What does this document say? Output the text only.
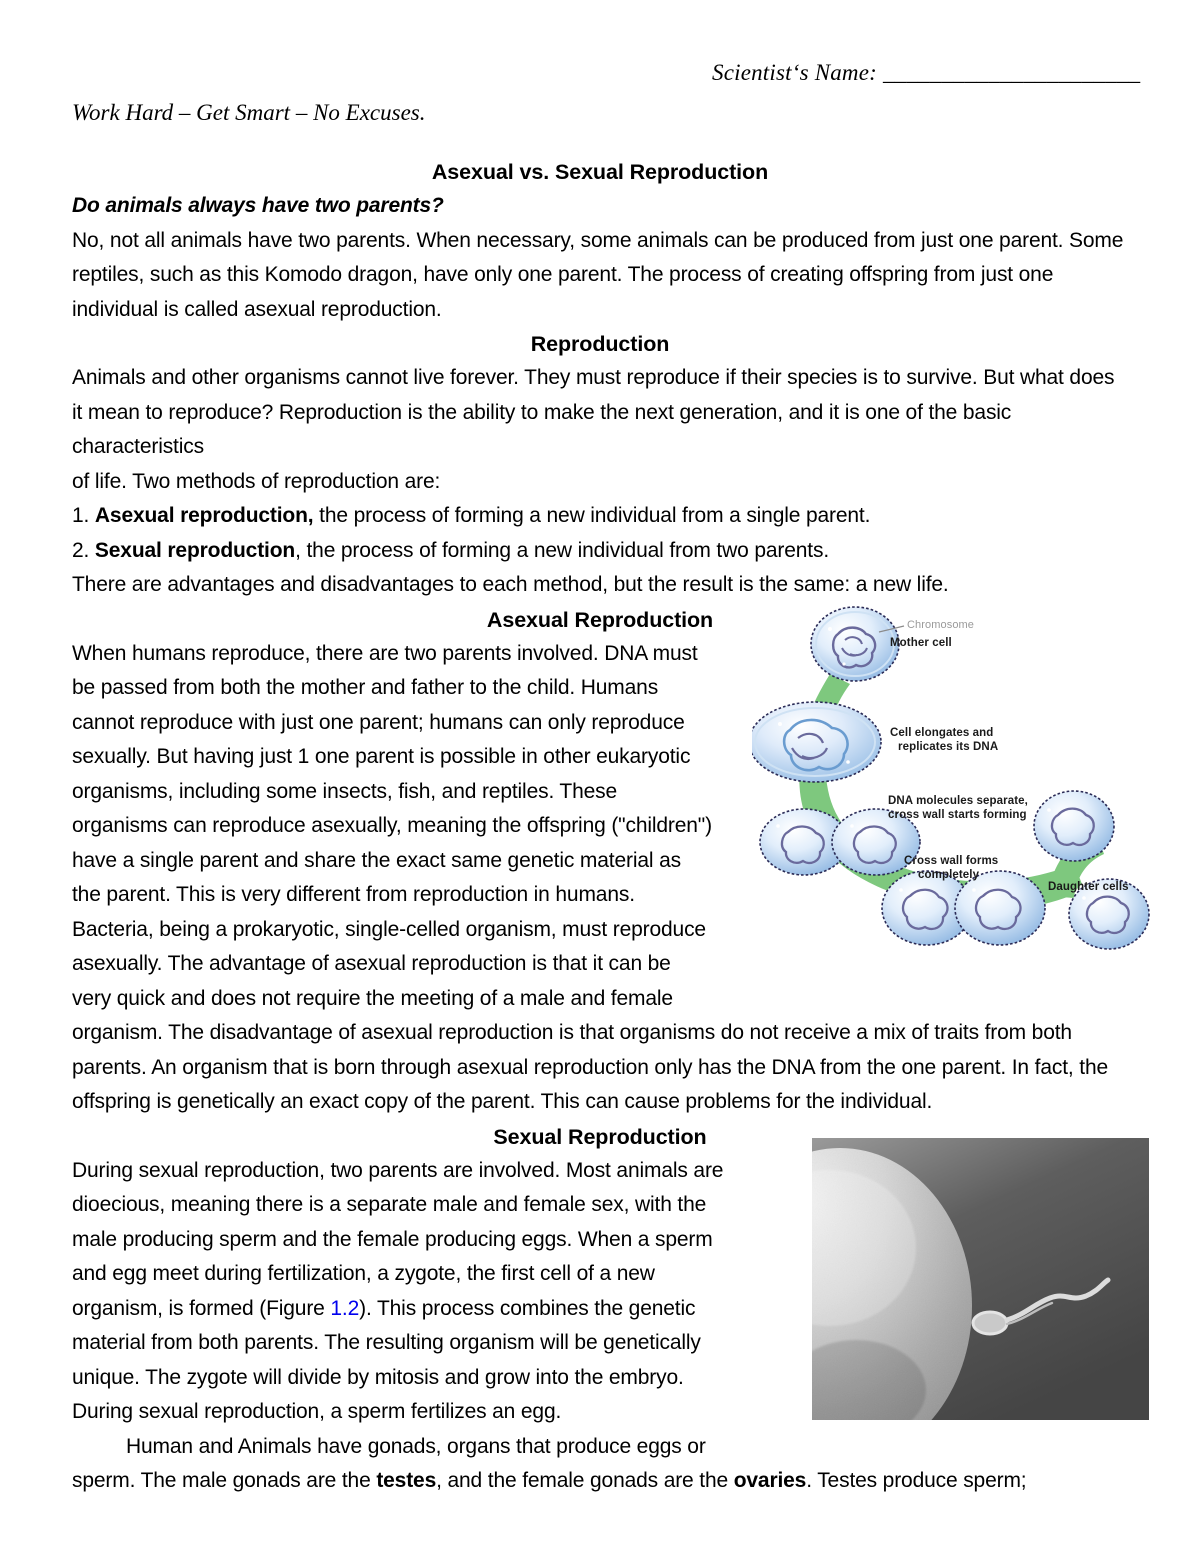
Scientist‘s Name: ______________________
Work Hard – Get Smart – No Excuses.
Chromosome
Mother cell
Cell elongates and
replicates its DNA
DNA molecules separate,
cross wall starts forming
Cross wall forms
completely
Daughter cells
Asexual vs. Sexual Reproduction

Do animals always have two parents?

No, not all animals have two parents. When necessary, some animals can be produced from just one parent. Some reptiles, such as this Komodo dragon, have only one parent. The process of creating offspring from just one individual is called asexual reproduction.

Reproduction

Animals and other organisms cannot live forever. They must reproduce if their species is to survive. But what does it mean to reproduce? Reproduction is the ability to make the next generation, and it is one of the basic characteristics

of life. Two methods of reproduction are:

1. Asexual reproduction, the process of forming a new individual from a single parent.

2. Sexual reproduction, the process of forming a new individual from two parents.

There are advantages and disadvantages to each method, but the result is the same: a new life.

Asexual Reproduction

When humans reproduce, there are two parents involved. DNA must be passed from both the mother and father to the child. Humans cannot reproduce with just one parent; humans can only reproduce sexually. But having just 1 one parent is possible in other eukaryotic organisms, including some insects, fish, and reptiles. These organisms can reproduce asexually, meaning the offspring ("children") have a single parent and share the exact same genetic material as the parent. This is very different from reproduction in humans. Bacteria, being a prokaryotic, single-celled organism, must reproduce asexually. The advantage of asexual reproduction is that it can be very quick and does not require the meeting of a male and female organism. The disadvantage of asexual reproduction is that organisms do not receive a mix of traits from both parents. An organism that is born through asexual reproduction only has the DNA from the one parent. In fact, the offspring is genetically an exact copy of the parent. This can cause problems for the individual.

Sexual Reproduction

During sexual reproduction, two parents are involved. Most animals are dioecious, meaning there is a separate male and female sex, with the male producing sperm and the female producing eggs. When a sperm and egg meet during fertilization, a zygote, the first cell of a new organism, is formed (Figure 1.2). This process combines the genetic material from both parents. The resulting organism will be genetically unique. The zygote will divide by mitosis and grow into the embryo.

During sexual reproduction, a sperm fertilizes an egg.

Human and Animals have gonads, organs that produce eggs or sperm. The male gonads are the testes, and the female gonads are the ovaries. Testes produce sperm;
